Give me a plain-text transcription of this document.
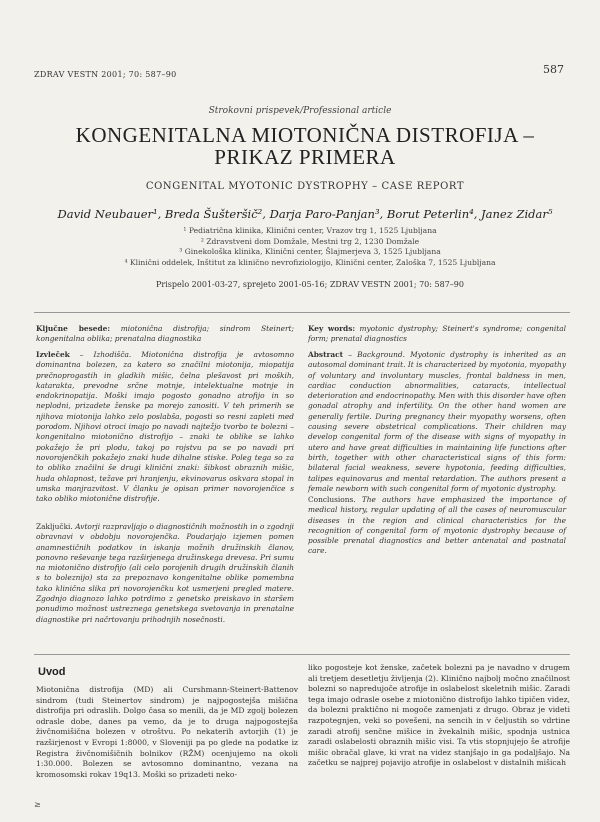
ZDRAV VESTN 2001; 70: 587–90	587
Strokovni prispevek/Professional article
KONGENITALNA MIOTONIČNA DISTROFIJA –
PRIKAZ PRIMERA
CONGENITAL MYOTONIC DYSTROPHY – CASE REPORT
David Neubauer¹, Breda Šušteršič², Darja Paro-Panjan³, Borut Peterlin⁴, Janez Zidar⁵
¹ Pediatrična klinika, Klinični center, Vrazov trg 1, 1525 Ljubljana
² Zdravstveni dom Domžale, Mestni trg 2, 1230 Domžale
³ Ginekološka klinika, Klinični center, Šlajmerjeva 3, 1525 Ljubljana
⁴ Klinični oddelek, Inštitut za klinično nevrofiziologijo, Klinični center, Zaloška 7, 1525 Ljubljana
Prispelo 2001-03-27, sprejeto 2001-05-16; ZDRAV VESTN 2001; 70: 587–90
Ključne besede: miotonična distrofija; sindrom Steinert; kongenitalna oblika; prenatalna diagnostika
Key words: myotonic dystrophy; Steinert's syndrome; congenital form; prenatal diagnostics
Izvleček – Izhodišča. Miotonična distrofija je avtosomno dominantna bolezen, za katero so značilni miotonija, miopatija prečnoprogastih in gladkih mišic, čelna plešavost pri moških, katarakta, prevodne srčne motnje, intelektualne motnje in endokrinopatija. Moški imajo pogosto gonadno atrofijo in so neplodni, prizadete ženske pa morejo zanositi. V teh primerih se njihova miotonija lahko zelo poslabša, pogosti so resni zapleti med porodom. Njihovi otroci imajo po navadi najtežjo tvorbo te bolezni – kongenitalno miotonično distrofijo – znaki te oblike se lahko pokažejo že pri plodu, takoj po rojstvu pa se po navadi pri novorojenčkih pokažejo znaki hude dihalne stiske. Poleg tega so za to obliko značilni še drugi klinični znaki: šibkost obraznih mišic, huda ohlapnost, težave pri hranjenju, ekvinovarus oskvara stopal in umska manjrazvitost. V članku je opisan primer novorojenčice s tako obliko miotonične distrofije.
Abstract – Background. Myotonic dystrophy is inherited as an autosomal dominant trait. It is characterized by myotonia, myopathy of voluntary and involuntary muscles, frontal baldness in men, cardiac conduction abnormalities, cataracts, intellectual deterioration and endocrinopathy. Men with this disorder have often gonadal atrophy and infertility. On the other hand women are generally fertile. During pregnancy their myopathy worsens, often causing severe obstetrical complications. Their children may develop congenital form of the disease with signs of myopathy in utero and have great difficulties in maintaining life functions after birth, together with other characteristical signs of this form: bilateral facial weakness, severe hypotonia, feeding difficulties, talipes equinovarus and mental retardation. The authors present a female newborn with such congenital form of myotonic dystrophy.
Zaključki. Avtorji razpravljajo o diagnostičnih možnostih in o zgodnji obravnavi v obdobju novorojenčka. Poudarjajo izjemen pomen anamnestičnih podatkov in iskanja možnih družinskih članov, ponovno reševanje tega razširjenega družinskega drevesa. Pri sumu na miotonično distrofijo (ali celo porojenih drugih družinskih članih s to boleznijo) sta za prepoznavo kongenitalne oblike pomembna tako klinična slika pri novorojenčku kot usmerjeni pregled matere. Zgodnjo diagnozo lahko potrdimo z genetsko preiskavo in staršem ponudimo možnost ustreznega genetskega svetovanja in prenatalne diagnostike pri načrtovanju prihodnjih nosečnosti.
Conclusions. The authors have emphasized the importance of medical history, regular updating of all the cases of neuromuscular diseases in the region and clinical characteristics for the recognition of congenital form of myotonic dystrophy because of possible prenatal diagnostics and better antenatal and postnatal care.
Uvod
Miotonična distrofija (MD) ali Curshmann-Steinert-Battenov sindrom (tudi Steinertov sindrom) je najpogostejša mišična distrofija pri odraslih. Dolgo časa so menili, da je MD zgolj bolezen odrasle dobe, danes pa vemo, da je to druga najpogostejša živčnomišična bolezen v otroštvu. Po nekaterih avtorjih (1) je razširjenost v Evropi 1:8000, v Sloveniji pa po glede na podatke iz Registra živčnomišičnih bolnikov (RŽM) ocenjujemo na okoli 1:30.000. Bolezen se avtosomno dominantno, vezana na kromosomski rokav 19q13. Moški so prizadeti neko-
liko pogosteje kot ženske, začetek bolezni pa je navadno v drugem ali tretjem desetletju življenja (2). Klinično najbolj močno značilnost bolezni so napredujoče atrofije in oslabelost skeletnih mišic. Zaradi tega imajo odrasle osebe z miotonično distrofijo lahko tipičen videz, da bolezni praktično ni mogoče zamenjati z drugo. Obraz je videti razpotegnjen, veki so povešeni, na sencih in v čeljustih so vdrtine zaradi atrofij senčne mišice in žvekalnih mišic, spodnja ustnica zaradi oslabelosti obraznih mišic visi. Ta vtis stopnjujejo še atrofije mišic obračal glave, ki vrat na videz stanjšajo in ga podaljšajo. Na začetku se najprej pojavijo atrofije in oslabelost v distalnih mišicah
≥
